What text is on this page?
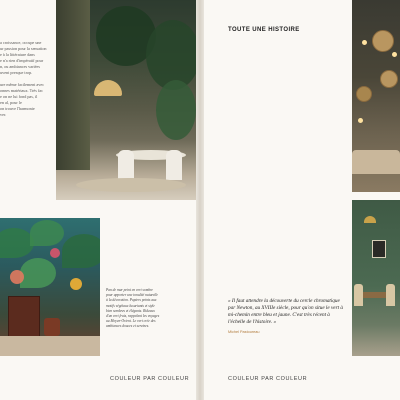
a croissance, occupe une

ur passion pour la sensation

e à la littérature dans

e n'a rien d'impératif pour

n, ou ambiances variées

uvent presque trop.

ure même facilement avec

onnes matériaux. Très fac

e on ne lui fond pas, il

en al, pour le

on trouve l'harmonie

ver.

Pan de mur peint en vert sombre

pour apporter une tonalité naturelle

à la décoration. Papiers peints aux

motifs végétaux luxuriants et style

bien sombres et élégants. Rideaux

d'un vert frais, rappelant les voyages

au Moyen-Orient. Le vert crée des

ambiances douces et sereines.

COULEUR PAR COULEUR
TOUTE UNE HISTOIRE

« Il faut attendre la découverte du cercle chromatique par Newton, au XVIIIe siècle, pour qu'on situe le vert à mi-chemin entre bleu et jaune. C'est très récent à l'échelle de l'histoire. »
Michel Pastoureau
COULEUR PAR COULEUR
